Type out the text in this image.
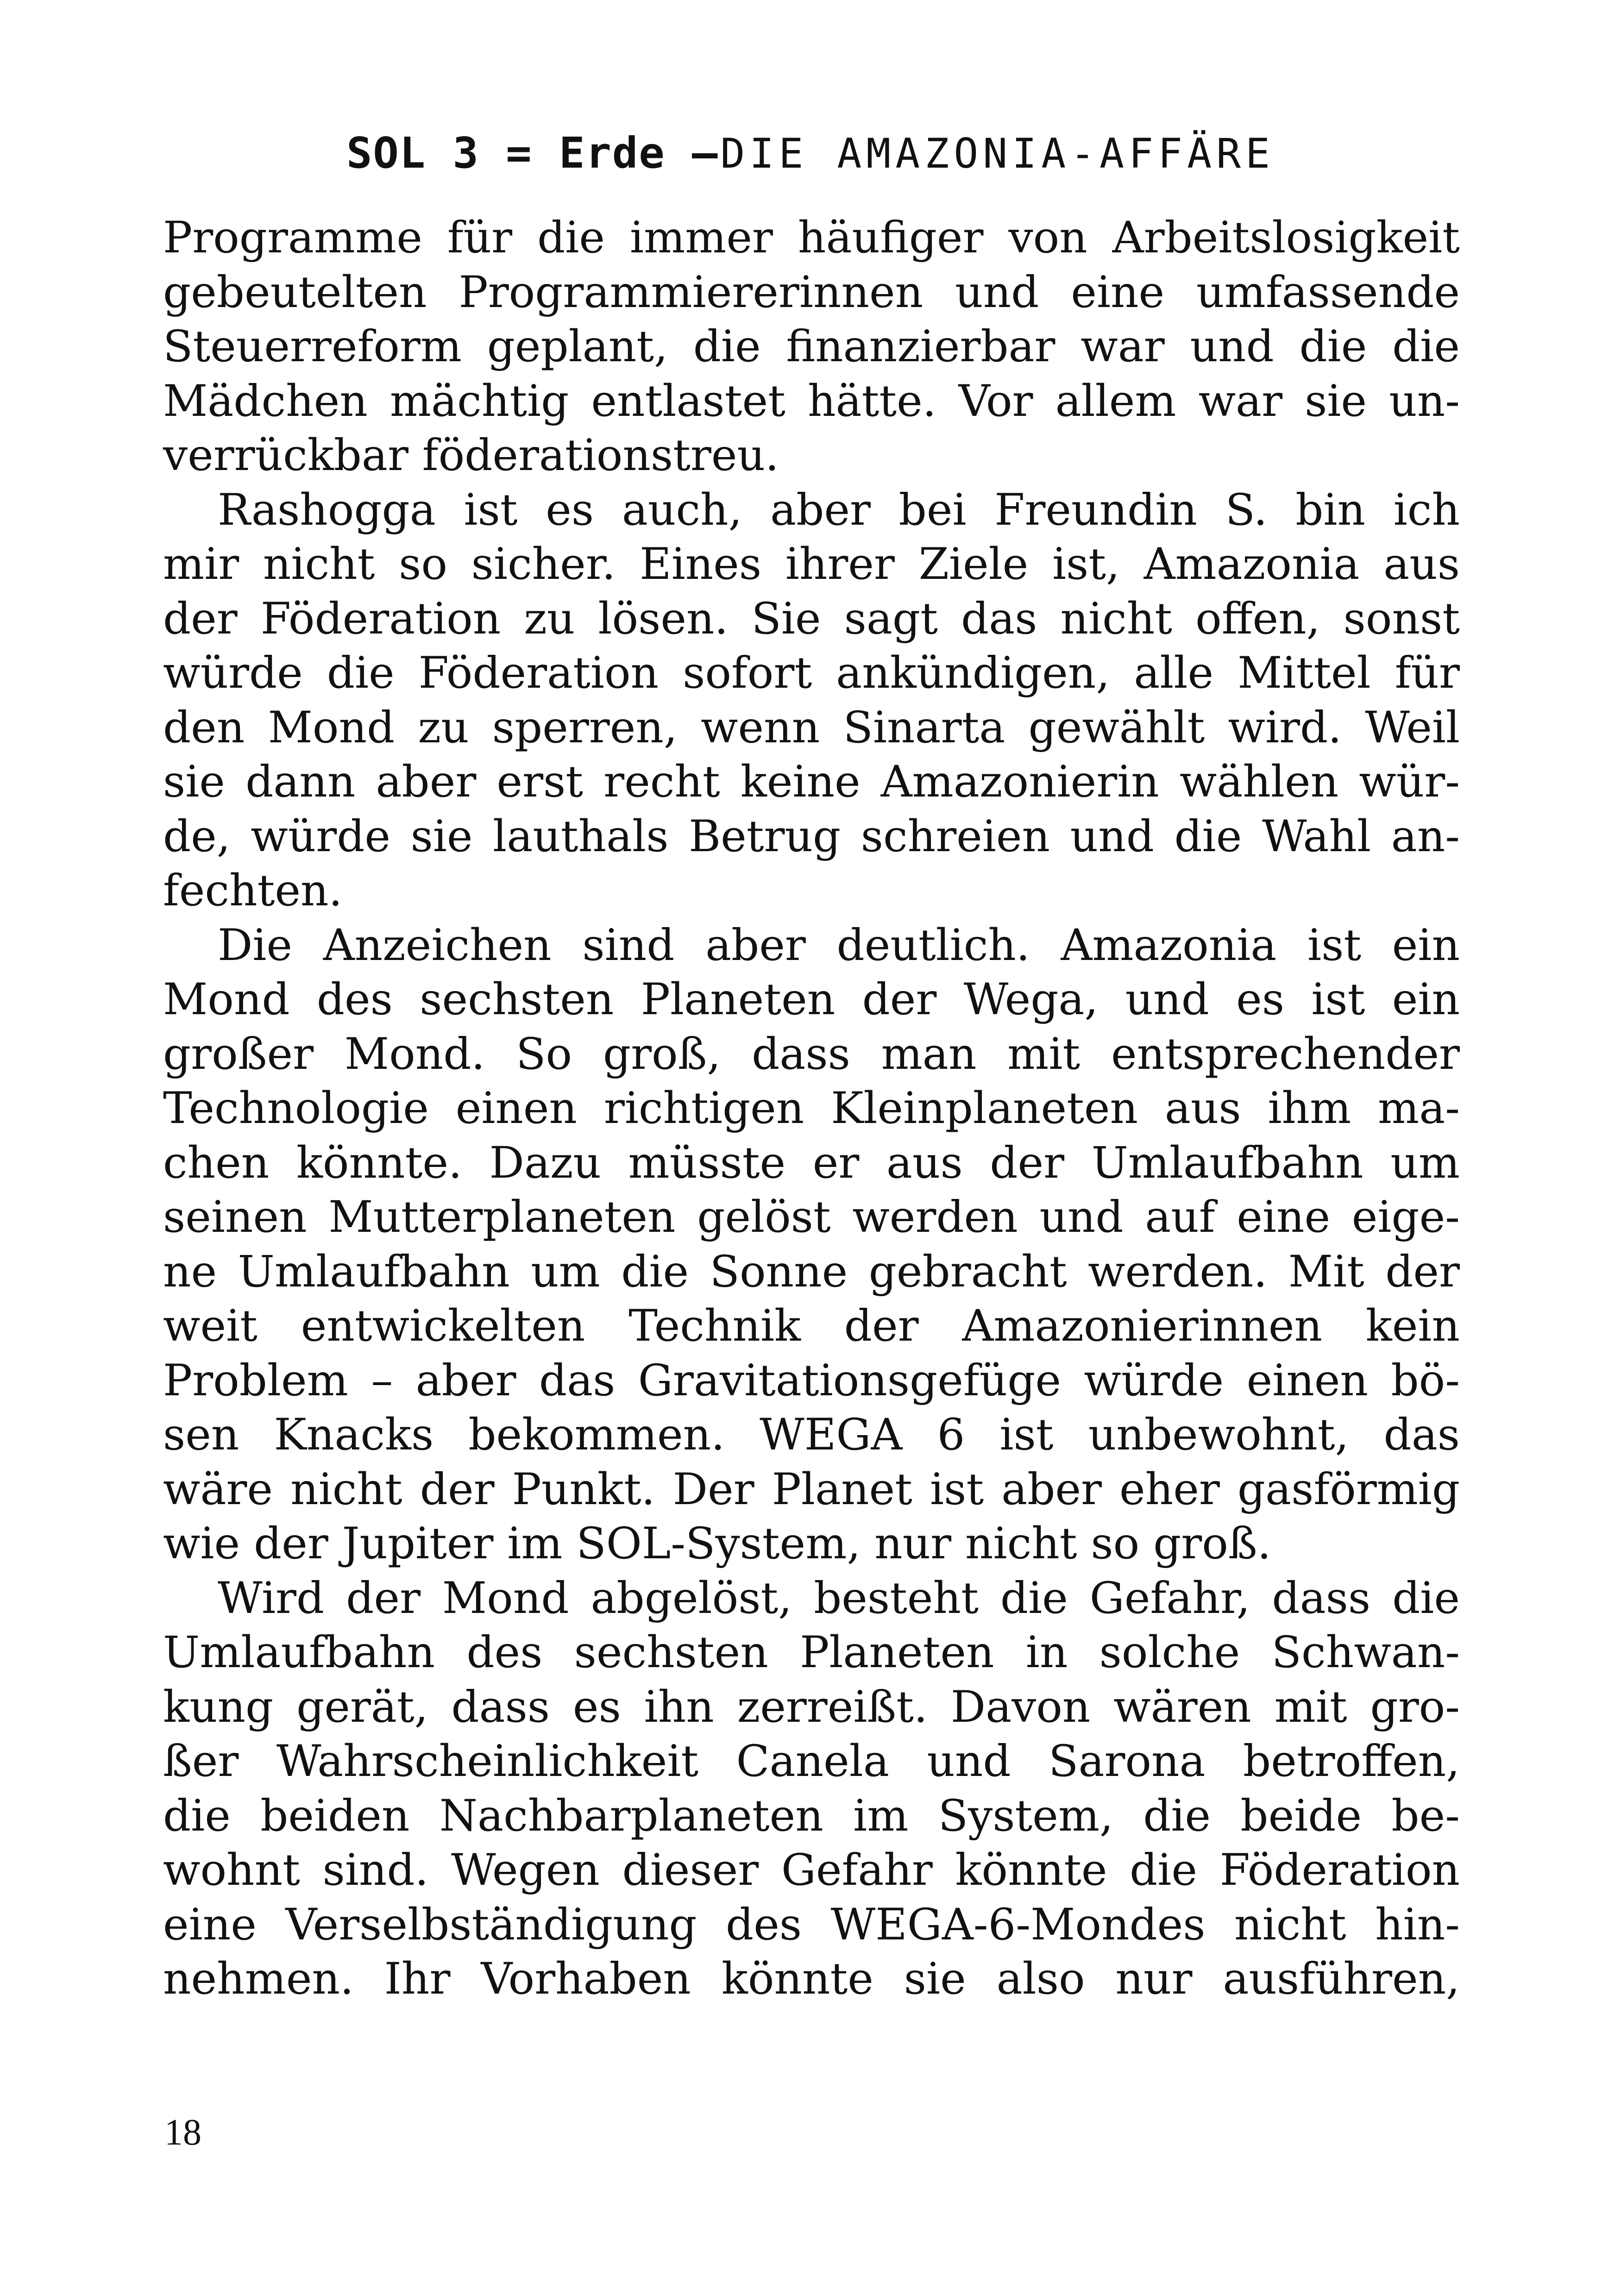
SOL 3 = Erde – DIE AMAZONIA-AFFÄRE

Programme für die immer häufiger von Arbeitslosigkeit
gebeutelten Programmiererinnen und eine umfassende
Steuerreform geplant, die finanzierbar war und die die
Mädchen mächtig entlastet hätte. Vor allem war sie un-
verrückbar föderationstreu.

Rashogga ist es auch, aber bei Freundin S. bin ich
mir nicht so sicher. Eines ihrer Ziele ist, Amazonia aus
der Föderation zu lösen. Sie sagt das nicht offen, sonst
würde die Föderation sofort ankündigen, alle Mittel für
den Mond zu sperren, wenn Sinarta gewählt wird. Weil
sie dann aber erst recht keine Amazonierin wählen wür-
de, würde sie lauthals Betrug schreien und die Wahl an-
fechten.

Die Anzeichen sind aber deutlich. Amazonia ist ein
Mond des sechsten Planeten der Wega, und es ist ein
großer Mond. So groß, dass man mit entsprechender
Technologie einen richtigen Kleinplaneten aus ihm ma-
chen könnte. Dazu müsste er aus der Umlaufbahn um
seinen Mutterplaneten gelöst werden und auf eine eige-
ne Umlaufbahn um die Sonne gebracht werden. Mit der
weit entwickelten Technik der Amazonierinnen kein
Problem – aber das Gravitationsgefüge würde einen bö-
sen Knacks bekommen. WEGA 6 ist unbewohnt, das
wäre nicht der Punkt. Der Planet ist aber eher gasförmig
wie der Jupiter im SOL-System, nur nicht so groß.

Wird der Mond abgelöst, besteht die Gefahr, dass die
Umlaufbahn des sechsten Planeten in solche Schwan-
kung gerät, dass es ihn zerreißt. Davon wären mit gro-
ßer Wahrscheinlichkeit Canela und Sarona betroffen,
die beiden Nachbarplaneten im System, die beide be-
wohnt sind. Wegen dieser Gefahr könnte die Föderation
eine Verselbständigung des WEGA-6-Mondes nicht hin-
nehmen. Ihr Vorhaben könnte sie also nur ausführen,

18
